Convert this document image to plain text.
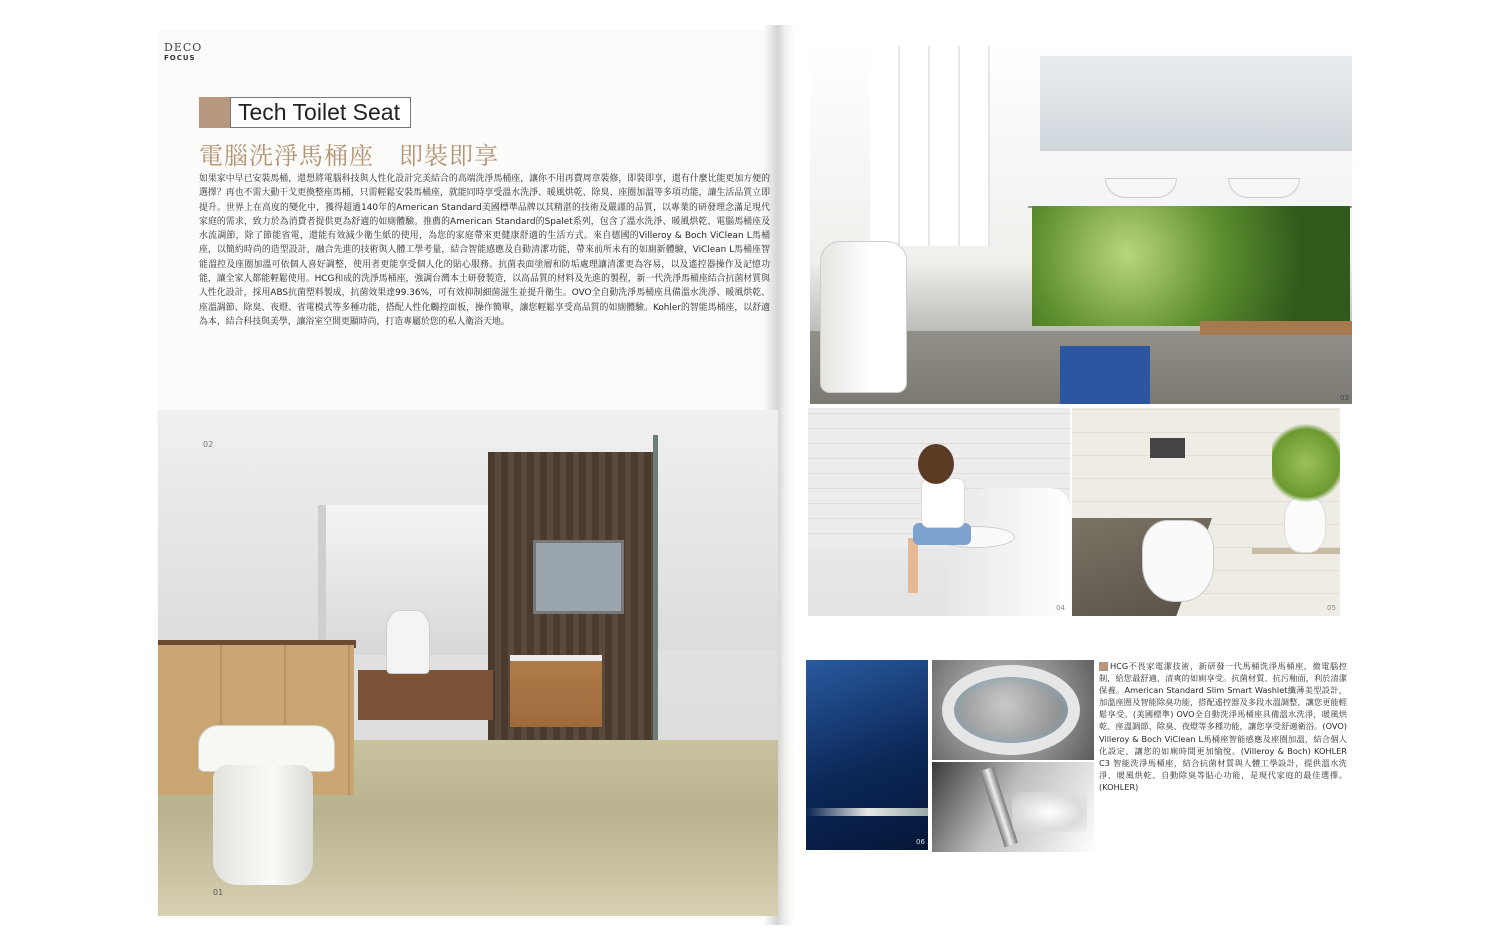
DECO
FOCUS
Tech Toilet Seat
電腦洗淨馬桶座　即裝即享
如果家中早已安裝馬桶，還想將電腦科技與人性化設計完美結合的高端洗淨馬桶座，讓你不用再費周章裝修，即裝即享，還有什麼比能更加方便的選擇？再也不需大動干戈更換整座馬桶，只需輕鬆安裝馬桶座，就能同時享受溫水洗淨、暖風烘乾、除臭、座圈加溫等多項功能，讓生活品質立即提升。世界上在高度的變化中，獲得超過140年的American Standard美國標準品牌以其精湛的技術及嚴謹的品質，以專業的研發理念滿足現代家庭的需求，致力於為消費者提供更為舒適的如廁體驗。推薦的American Standard的Spalet系列，包含了溫水洗淨、暖風烘乾、電腦馬桶座及水流調節，除了節能省電，還能有效減少衛生紙的使用，為您的家庭帶來更健康舒適的生活方式。來自德國的Villeroy & Boch ViClean L馬桶座，以簡約時尚的造型設計，融合先進的技術與人體工學考量，結合智能感應及自動清潔功能，帶來前所未有的如廁新體驗，ViClean L馬桶座智能溫控及座圈加溫可依個人喜好調整，使用者更能享受個人化的貼心服務。抗菌表面塗層和防垢處理讓清潔更為容易，以及遙控器操作及記憶功能，讓全家人都能輕鬆使用。HCG和成的洗淨馬桶座，強調台灣本土研發製造，以高品質的材料及先進的製程，新一代洗淨馬桶座結合抗菌材質與人性化設計，採用ABS抗菌塑料製成，抗菌效果達99.36%，可有效抑制細菌滋生並提升衛生。OVO全自動洗淨馬桶座具備溫水洗淨、暖風烘乾、座溫調節、除臭、夜燈、省電模式等多種功能，搭配人性化觸控面板，操作簡單，讓您輕鬆享受高品質的如廁體驗。Kohler的智能馬桶座，以舒適為本，結合科技與美學，讓浴室空間更顯時尚，打造專屬於您的私人衛浴天地。
02
01
03
04	05
06
HCG不畏家電潔技術，新研發一代馬桶洗淨馬桶座，微電腦控制，給您最舒適、清爽的如廁享受。抗菌材質、抗污釉面，利於清潔保養。American Standard Slim Smart Washlet纖薄美型設計，加溫座圈及智能除臭功能，搭配遙控器及多段水溫調整，讓您更能輕鬆享受。(美國標準) OVO全自動洗淨馬桶座具備溫水洗淨，暖風烘乾、座溫調節、除臭、夜燈等多種功能，讓您享受舒適衛浴。(OVO) Villeroy & Boch ViClean L馬桶座智能感應及座圈加溫，結合個人化設定，讓您的如廁時間更加愉悅。(Villeroy & Boch) KOHLER C3 智能洗淨馬桶座，結合抗菌材質與人體工學設計，提供溫水洗淨、暖風烘乾、自動除臭等貼心功能，是現代家庭的最佳選擇。(KOHLER)
